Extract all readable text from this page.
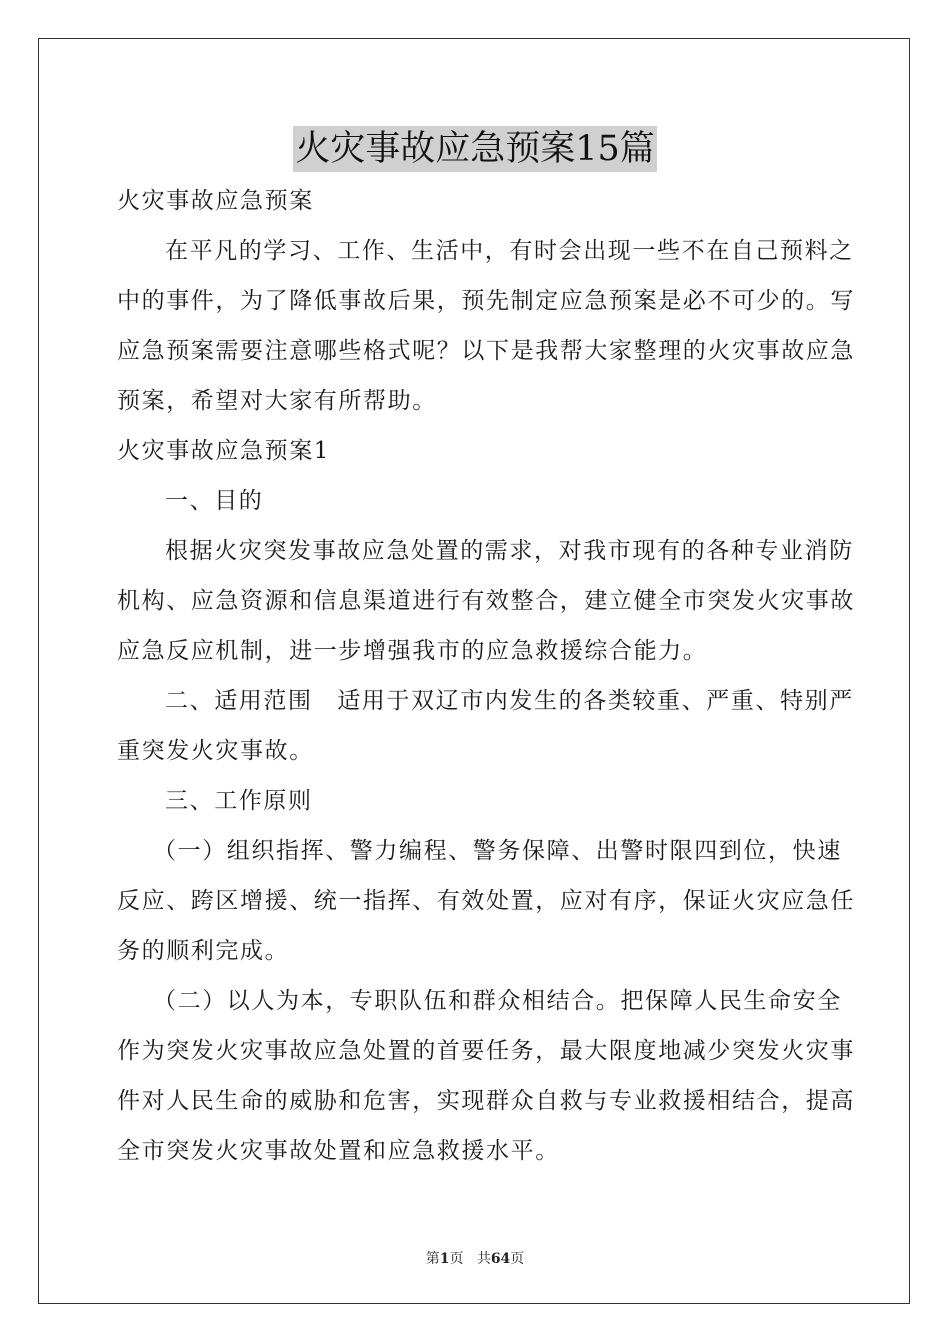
火灾事故应急预案15篇

火灾事故应急预案

在平凡的学习、工作、生活中，有时会出现一些不在自己预料之

中的事件，为了降低事故后果，预先制定应急预案是必不可少的。写

应急预案需要注意哪些格式呢？以下是我帮大家整理的火灾事故应急

预案，希望对大家有所帮助。

火灾事故应急预案1

一、目的

根据火灾突发事故应急处置的需求，对我市现有的各种专业消防

机构、应急资源和信息渠道进行有效整合，建立健全市突发火灾事故

应急反应机制，进一步增强我市的应急救援综合能力。

二、适用范围　适用于双辽市内发生的各类较重、严重、特别严

重突发火灾事故。

三、工作原则

（一）组织指挥、警力编程、警务保障、出警时限四到位，快速

反应、跨区增援、统一指挥、有效处置，应对有序，保证火灾应急任

务的顺利完成。

（二）以人为本，专职队伍和群众相结合。把保障人民生命安全

作为突发火灾事故应急处置的首要任务，最大限度地减少突发火灾事

件对人民生命的威胁和危害，实现群众自救与专业救援相结合，提高

全市突发火灾事故处置和应急救援水平。

第1页 共64页
